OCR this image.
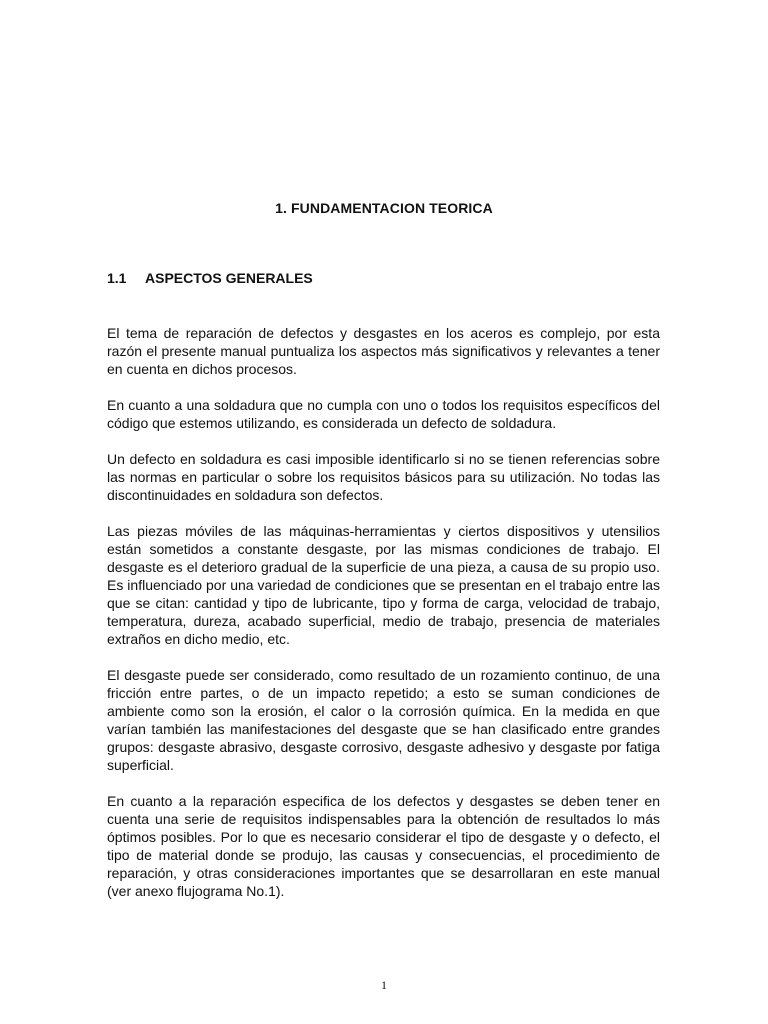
1. FUNDAMENTACION TEORICA
1.1 ASPECTOS GENERALES

El tema de reparación de defectos y desgastes en los aceros es complejo, por esta razón el presente manual puntualiza los aspectos más significativos y relevantes a tener en cuenta en dichos procesos.

En cuanto a una soldadura que no cumpla con uno o todos los requisitos específicos del código que estemos utilizando, es considerada un defecto de soldadura.

Un defecto en soldadura es casi imposible identificarlo si no se tienen referencias sobre las normas en particular o sobre los requisitos básicos para su utilización. No todas las discontinuidades en soldadura son defectos.

Las piezas móviles de las máquinas-herramientas y ciertos dispositivos y utensilios están sometidos a constante desgaste, por las mismas condiciones de trabajo. El desgaste es el deterioro gradual de la superficie de una pieza, a causa de su propio uso. Es influenciado por una variedad de condiciones que se presentan en el trabajo entre las que se citan: cantidad y tipo de lubricante, tipo y forma de carga, velocidad de trabajo, temperatura, dureza, acabado superficial, medio de trabajo, presencia de materiales extraños en dicho medio, etc.

El desgaste puede ser considerado, como resultado de un rozamiento continuo, de una fricción entre partes, o de un impacto repetido; a esto se suman condiciones de ambiente como son la erosión, el calor o la corrosión química. En la medida en que varían también las manifestaciones del desgaste que se han clasificado entre grandes grupos: desgaste abrasivo, desgaste corrosivo, desgaste adhesivo y desgaste por fatiga superficial.

En cuanto a la reparación especifica de los defectos y desgastes se deben tener en cuenta una serie de requisitos indispensables para la obtención de resultados lo más óptimos posibles. Por lo que es necesario considerar el tipo de desgaste y o defecto, el tipo de material donde se produjo, las causas y consecuencias, el procedimiento de reparación, y otras consideraciones importantes que se desarrollaran en este manual (ver anexo flujograma No.1).

1
